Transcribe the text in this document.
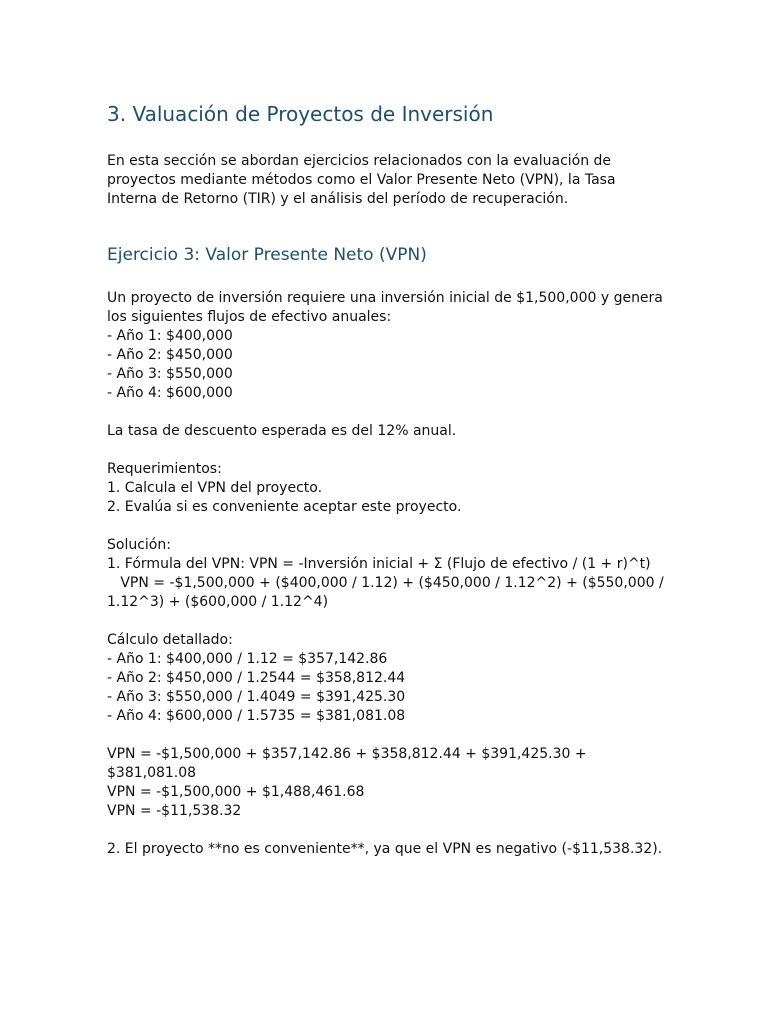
3. Valuación de Proyectos de Inversión

En esta sección se abordan ejercicios relacionados con la evaluación de proyectos mediante métodos como el Valor Presente Neto (VPN), la Tasa Interna de Retorno (TIR) y el análisis del período de recuperación.

Ejercicio 3: Valor Presente Neto (VPN)
Un proyecto de inversión requiere una inversión inicial de $1,500,000 y genera los siguientes flujos de efectivo anuales:
- Año 1: $400,000
- Año 2: $450,000
- Año 3: $550,000
- Año 4: $600,000
La tasa de descuento esperada es del 12% anual.
Requerimientos:
1. Calcula el VPN del proyecto.
2. Evalúa si es conveniente aceptar este proyecto.
Solución:
1. Fórmula del VPN: VPN = -Inversión inicial + Σ (Flujo de efectivo / (1 + r)^t)
VPN = -$1,500,000 + ($400,000 / 1.12) + ($450,000 / 1.12^2) + ($550,000 / 1.12^3) + ($600,000 / 1.12^4)
Cálculo detallado:
- Año 1: $400,000 / 1.12 = $357,142.86
- Año 2: $450,000 / 1.2544 = $358,812.44
- Año 3: $550,000 / 1.4049 = $391,425.30
- Año 4: $600,000 / 1.5735 = $381,081.08
VPN = -$1,500,000 + $357,142.86 + $358,812.44 + $391,425.30 + $381,081.08
VPN = -$1,500,000 + $1,488,461.68
VPN = -$11,538.32
2. El proyecto **no es conveniente**, ya que el VPN es negativo (-$11,538.32).
